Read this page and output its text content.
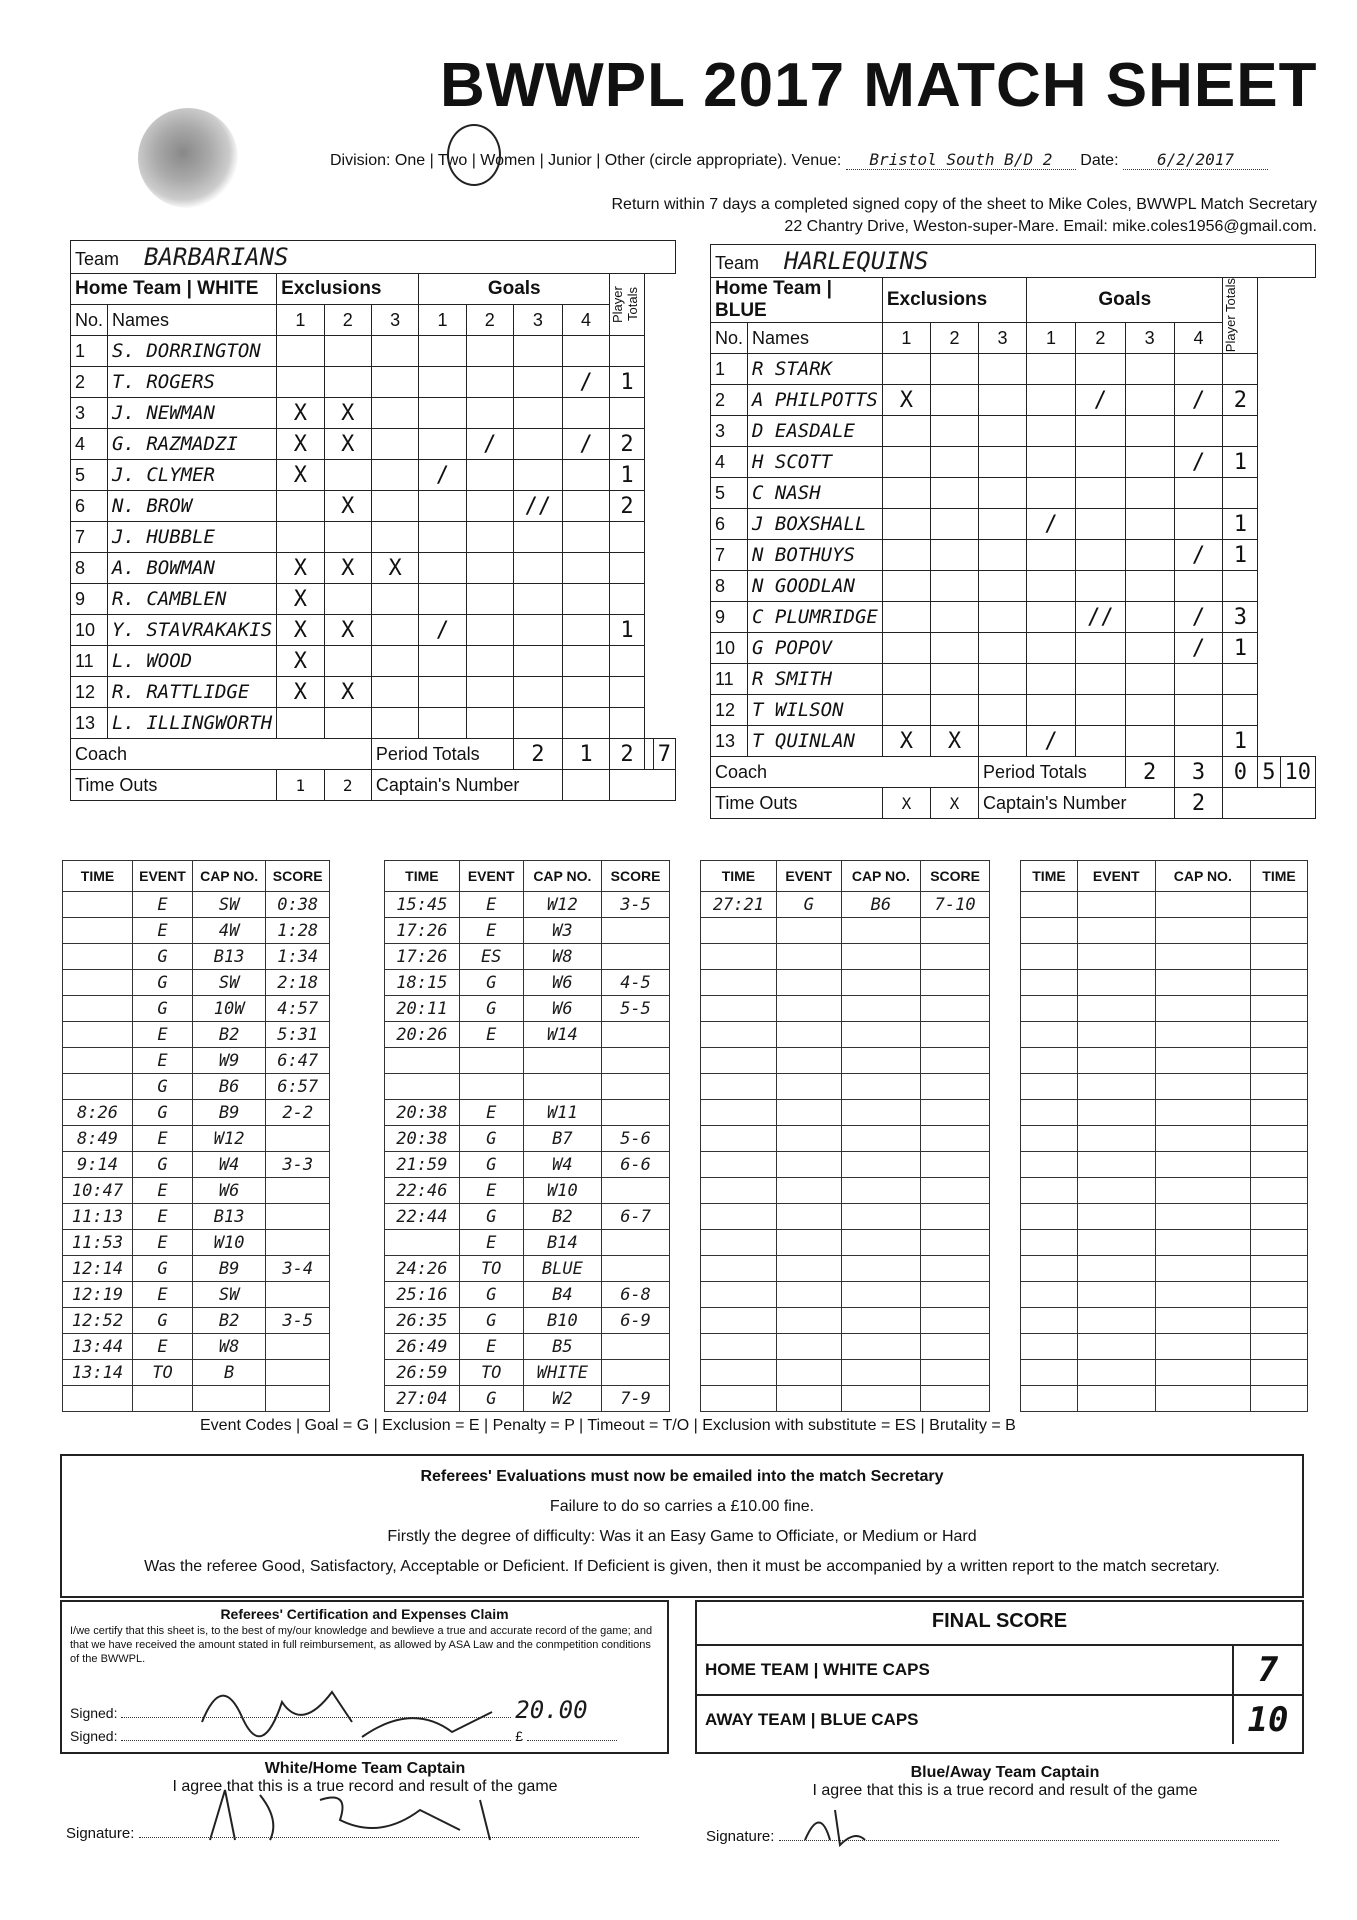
BWWPL 2017 MATCH SHEET
Division: One | Two | Women | Junior | Other (circle appropriate). Venue: Bristol South B/D 2 Date: 6/2/2017
Return within 7 days a completed signed copy of the sheet to Mike Coles, BWWPL Match Secretary
22 Chantry Drive, Weston-super-Mare. Email: mike.coles1956@gmail.com.
Team BARBARIANS											
Home Team | WHITE		Exclusions			Goals				Player Totals		

No.	Names	1	2	3	1	2	3	4			
1	S. DORRINGTON										
2	T. ROGERS							/	1		
3	J. NEWMAN	X	X								
4	G. RAZMADZI	X	X			/		/	2		
5	J. CLYMER	X			/				1		
6	N. BROW		X				//		2		
7	J. HUBBLE										
8	A. BOWMAN	X	X	X							
9	R. CAMBLEN	X									
10	Y. STAVRAKAKIS	X	X		/				1		
11	L. WOOD	X									
12	R. RATTLIDGE	X	X								
13	L. ILLINGWORTH										
Coach				Period Totals			2	1	2		7
Time Outs		1	2	Captain's Number							
Team HARLEQUINS											
Home Team | BLUE		Exclusions			Goals				Player Totals		

No.	Names	1	2	3	1	2	3	4			
1	R STARK										
2	A PHILPOTTS	X				/		/	2		
3	D EASDALE										
4	H SCOTT							/	1		
5	C NASH										
6	J BOXSHALL				/				1		
7	N BOTHUYS							/	1		
8	N GOODLAN										
9	C PLUMRIDGE					//		/	3		
10	G POPOV							/	1		
11	R SMITH										
12	T WILSON										
13	T QUINLAN	X	X		/				1		
Coach				Period Totals			2	3	0	5	10
Time Outs		X	X	Captain's Number				2			
TIME	EVENT	CAP NO.	SCORE
	E	SW	0:38
	E	4W	1:28
	G	B13	1:34
	G	SW	2:18
	G	10W	4:57
	E	B2	5:31
	E	W9	6:47
	G	B6	6:57
8:26	G	B9	2-2
8:49	E	W12	
9:14	G	W4	3-3
10:47	E	W6	
11:13	E	B13	
11:53	E	W10	
12:14	G	B9	3-4
12:19	E	SW	
12:52	G	B2	3-5
13:44	E	W8	
13:14	TO	B	

TIME	EVENT	CAP NO.	SCORE
15:45	E	W12	3-5
17:26	E	W3	
17:26	ES	W8	
18:15	G	W6	4-5
20:11	G	W6	5-5
20:26	E	W14	

20:38	E	W11	
20:38	G	B7	5-6
21:59	G	W4	6-6
22:46	E	W10	
22:44	G	B2	6-7
	E	B14	
24:26	TO	BLUE	
25:16	G	B4	6-8
26:35	G	B10	6-9
26:49	E	B5	
26:59	TO	WHITE	
27:04	G	W2	7-9
TIME	EVENT	CAP NO.	SCORE
27:21	G	B6	7-10

TIME	EVENT	CAP NO.	TIME

Event Codes | Goal = G | Exclusion = E | Penalty = P | Timeout = T/O | Exclusion with substitute = ES | Brutality = B
Referees' Evaluations must now be emailed into the match Secretary

Failure to do so carries a £10.00 fine.

Firstly the degree of difficulty: Was it an Easy Game to Officiate, or Medium or Hard

Was the referee Good, Satisfactory, Acceptable or Deficient. If Deficient is given, then it must be accompanied by a written report to the match secretary.

Referees' Certification and Expenses Claim
I/we certify that this sheet is, to the best of my/our knowledge and bewlieve a true and accurate record of the game; and that we have received the amount stated in full reimbursement, as allowed by ASA Law and the conmpetition conditions of the BWWPL.
Signed:	20.00
Signed:	£
FINAL SCORE
HOME TEAM | WHITE CAPS	7
AWAY TEAM | BLUE CAPS	10
White/Home Team Captain
I agree that this is a true record and result of the game
Blue/Away Team Captain
I agree that this is a true record and result of the game
Signature:	Signature:
